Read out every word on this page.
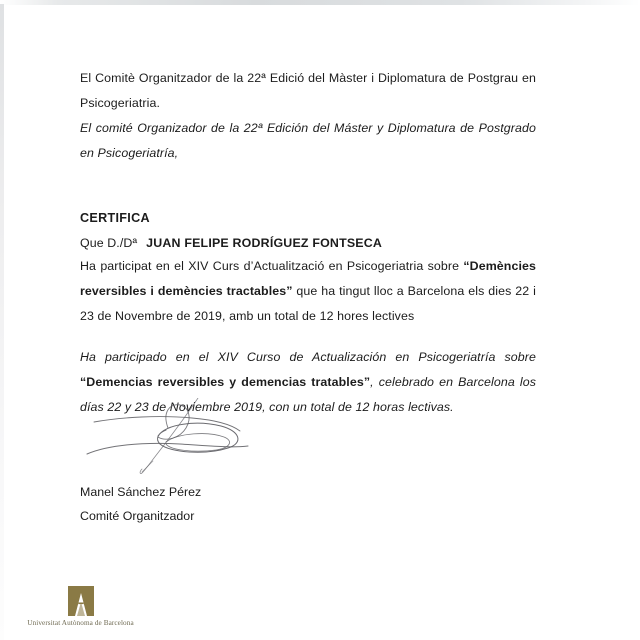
El Comitè Organitzador de la 22ª Edició del Màster i Diplomatura de Postgrau en Psicogeriatria.
El comité Organizador de la 22ª Edición del Máster y Diplomatura de Postgrado en Psicogeriatría,
CERTIFICA
Que D./Dª JUAN FELIPE RODRÍGUEZ FONTSECA
Ha participat en el XIV Curs d’Actualització en Psicogeriatria sobre “Demències reversibles i demències tractables” que ha tingut lloc a Barcelona els dies 22 i 23 de Novembre de 2019, amb un total de 12 hores lectives
Ha participado en el XIV Curso de Actualización en Psicogeriatría sobre “Demencias reversibles y demencias tratables”, celebrado en Barcelona los días 22 y 23 de Noviembre 2019, con un total de 12 horas lectivas.
Manel Sánchez Pérez
Comité Organitzador
Universitat Autònoma de Barcelona
